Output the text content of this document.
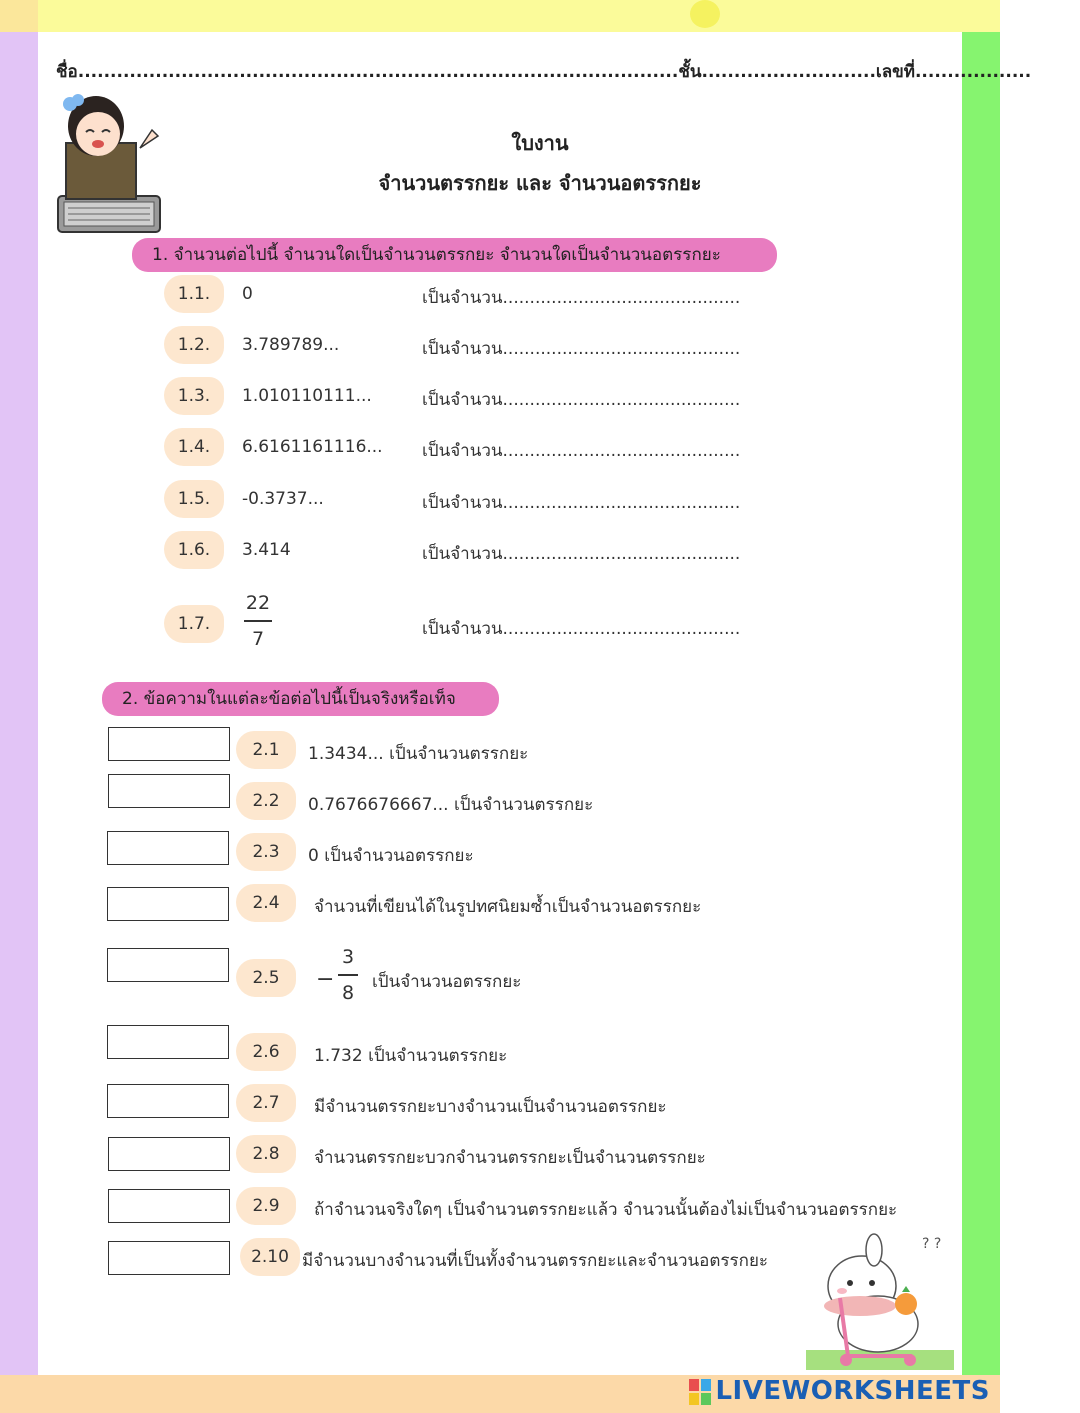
ชื่อ.............................................................................................ชั้น...........................เลขที่..................
ใบงาน
จำนวนตรรกยะ และ จำนวนอตรรกยะ
1. จำนวนต่อไปนี้ จำนวนใดเป็นจำนวนตรรกยะ จำนวนใดเป็นจำนวนอตรรกยะ
1.1.	0	เป็นจำนวน............................................
1.2.	3.789789...	เป็นจำนวน............................................
1.3.	1.010110111...	เป็นจำนวน............................................
1.4.	6.6161161116... เป็นจำนวน............................................
1.5.	-0.3737...	เป็นจำนวน............................................
1.6.	3.414	เป็นจำนวน............................................
1.7.
22
7	เป็นจำนวน............................................
2. ข้อความในแต่ละข้อต่อไปนี้เป็นจริงหรือเท็จ
2.1	1.3434... เป็นจำนวนตรรกยะ
2.2	0.7676676667... เป็นจำนวนตรรกยะ
2.3	0 เป็นจำนวนอตรรกยะ
2.4	จำนวนที่เขียนได้ในรูปทศนิยมซ้ำเป็นจำนวนอตรรกยะ
2.5	−
3
8	เป็นจำนวนอตรรกยะ
2.6	1.732 เป็นจำนวนตรรกยะ
2.7	มีจำนวนตรรกยะบางจำนวนเป็นจำนวนอตรรกยะ
2.8	จำนวนตรรกยะบวกจำนวนตรรกยะเป็นจำนวนตรรกยะ
2.9	ถ้าจำนวนจริงใดๆ เป็นจำนวนตรรกยะแล้ว จำนวนนั้นต้องไม่เป็นจำนวนอตรรกยะ
2.10 มีจำนวนบางจำนวนที่เป็นทั้งจำนวนตรรกยะและจำนวนอตรรกยะ
? ?
LIVEWORKSHEETS
